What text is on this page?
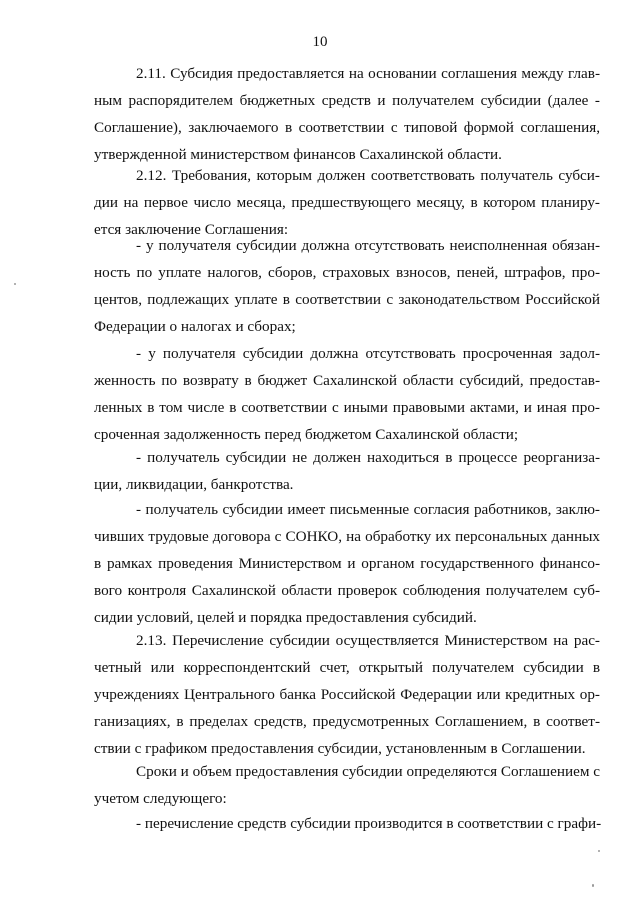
10
2.11. Субсидия предоставляется на основании соглашения между глав-
ным распорядителем бюджетных средств и получателем субсидии (далее -
Соглашение), заключаемого в соответствии с типовой формой соглашения,
утвержденной министерством финансов Сахалинской области.
2.12. Требования, которым должен соответствовать получатель субси-
дии на первое число месяца, предшествующего месяцу, в котором планиру-
ется заключение Соглашения:
- у получателя субсидии должна отсутствовать неисполненная обязан-
ность по уплате налогов, сборов, страховых взносов, пеней, штрафов, про-
центов, подлежащих уплате в соответствии с законодательством Российской
Федерации о налогах и сборах;
- у получателя субсидии должна отсутствовать просроченная задол-
женность по возврату в бюджет Сахалинской области субсидий, предостав-
ленных в том числе в соответствии с иными правовыми актами, и иная про-
сроченная задолженность перед бюджетом Сахалинской области;
- получатель субсидии не должен находиться в процессе реорганиза-
ции, ликвидации, банкротства.
- получатель субсидии имеет письменные согласия работников, заклю-
чивших трудовые договора с СОНКО, на обработку их персональных данных
в рамках проведения Министерством и органом государственного финансо-
вого контроля Сахалинской области проверок соблюдения получателем суб-
сидии условий, целей и порядка предоставления субсидий.
2.13. Перечисление субсидии осуществляется Министерством на рас-
четный или корреспондентский счет, открытый получателем субсидии в
учреждениях Центрального банка Российской Федерации или кредитных ор-
ганизациях, в пределах средств, предусмотренных Соглашением, в соответ-
ствии с графиком предоставления субсидии, установленным в Соглашении.
Сроки и объем предоставления субсидии определяются Соглашением с
учетом следующего:
- перечисление средств субсидии производится в соответствии с графи-
